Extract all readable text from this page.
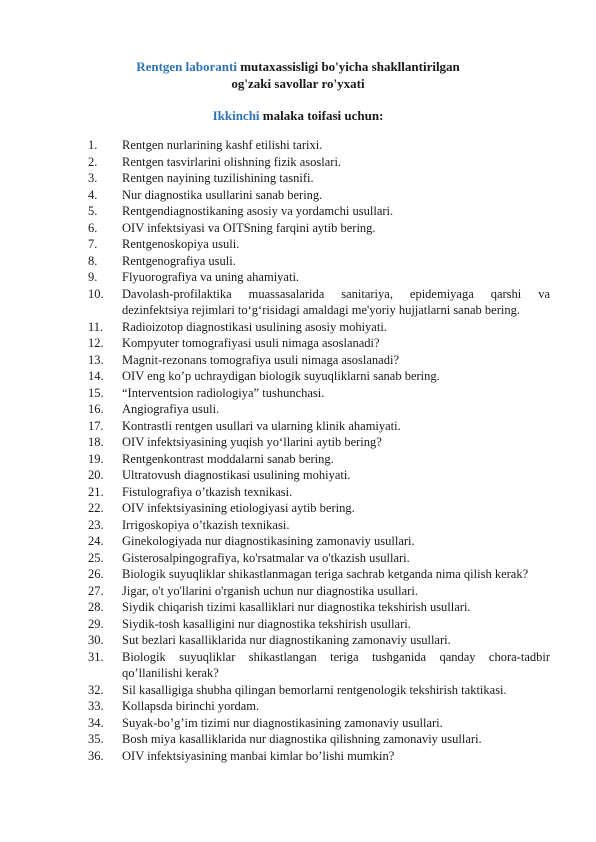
Rentgen laboranti mutaxassisligi bo'yicha shakllantirilgan
og'zaki savollar ro'yxati
Ikkinchi malaka toifasi uchun:
1. Rentgen nurlarining kashf etilishi tarixi.
2. Rentgen tasvirlarini olishning fizik asoslari.
3. Rentgen nayining tuzilishining tasnifi.
4. Nur diagnostika usullarini sanab bering.
5. Rentgendiagnostikaning asosiy va yordamchi usullari.
6. OIV infektsiyasi va OITSning farqini aytib bering.
7. Rentgenoskopiya usuli.
8. Rentgenografiya usuli.
9. Flyuorografiya va uning ahamiyati.
10. Davolash-profilaktika muassasalarida sanitariya, epidemiyaga qarshi va dezinfektsiya rejimlari to‘g‘risidagi amaldagi me'yoriy hujjatlarni sanab bering.
11. Radioizotop diagnostikasi usulining asosiy mohiyati.
12. Kompyuter tomografiyasi usuli nimaga asoslanadi?
13. Magnit-rezonans tomografiya usuli nimaga asoslanadi?
14. OIV eng ko’p uchraydigan biologik suyuqliklarni sanab bering.
15. “Interventsion radiologiya” tushunchasi.
16. Angiografiya usuli.
17. Kontrastli rentgen usullari va ularning klinik ahamiyati.
18. OIV infektsiyasining yuqish yo‘llarini aytib bering?
19. Rentgenkontrast moddalarni sanab bering.
20. Ultratovush diagnostikasi usulining mohiyati.
21. Fistulografiya o’tkazish texnikasi.
22. OIV infektsiyasining etiologiyasi aytib bering.
23. Irrigoskopiya o’tkazish texnikasi.
24. Ginekologiyada nur diagnostikasining zamonaviy usullari.
25. Gisterosalpingografiya, ko'rsatmalar va o'tkazish usullari.
26. Biologik suyuqliklar shikastlanmagan teriga sachrab ketganda nima qilish kerak?
27. Jigar, o't yo'llarini o'rganish uchun nur diagnostika usullari.
28. Siydik chiqarish tizimi kasalliklari nur diagnostika tekshirish usullari.
29. Siydik-tosh kasalligini nur diagnostika tekshirish usullari.
30. Sut bezlari kasalliklarida nur diagnostikaning zamonaviy usullari.
31. Biologik suyuqliklar shikastlangan teriga tushganida qanday chora-tadbir qo’llanilishi kerak?
32. Sil kasalligiga shubha qilingan bemorlarni rentgenologik tekshirish taktikasi.
33. Kollapsda birinchi yordam.
34. Suyak-bo’g’im tizimi nur diagnostikasining zamonaviy usullari.
35. Bosh miya kasalliklarida nur diagnostika qilishning zamonaviy usullari.
36. OIV infektsiyasining manbai kimlar bo’lishi mumkin?
